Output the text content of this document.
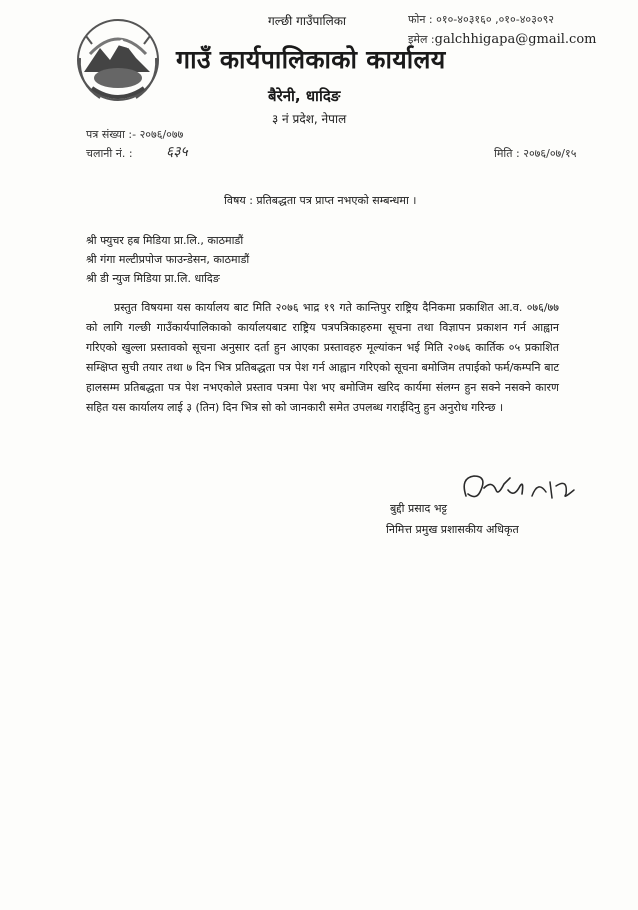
गल्छी गाउँपालिका
गाउँ कार्यपालिकाको कार्यालय
बैरेनी, धादिङ
३ नं प्रदेश, नेपाल
फोन : ०१०-४०३१६० ,०१०-४०३०९२
इमेल :galchhigapa@gmail.com
पत्र संख्या :- २०७६/०७७
चलानी नं. : ६३५	मिति : २०७६/०७/१५
विषय : प्रतिबद्धता पत्र प्राप्त नभएको सम्बन्धमा ।
श्री फ्युचर हब मिडिया प्रा.लि., काठमाडौं
श्री गंगा मल्टीप्रपोज फाउन्डेसन, काठमाडौं
श्री डी न्युज मिडिया प्रा.लि. धादिङ
प्रस्तुत विषयमा यस कार्यालय बाट मिति २०७६ भाद्र १९ गते कान्तिपुर राष्ट्रिय दैनिकमा प्रकाशित आ.व. ०७६/७७ को लागि गल्छी गाउँकार्यपालिकाको कार्यालयबाट राष्ट्रिय पत्रपत्रिकाहरुमा सूचना तथा विज्ञापन प्रकाशन गर्न आह्वान गरिएको खुल्ला प्रस्तावको सूचना अनुसार दर्ता हुन आएका प्रस्तावहरु मूल्यांकन भई मिति २०७६ कार्तिक ०५ प्रकाशित सम्क्षिप्त सुची तयार तथा ७ दिन भित्र प्रतिबद्धता पत्र पेश गर्न आह्वान गरिएको सूचना बमोजिम तपाईको फर्म/कम्पनि बाट हालसम्म प्रतिबद्धता पत्र पेश नभएकोले प्रस्ताव पत्रमा पेश भए बमोजिम खरिद कार्यमा संलग्न हुन सक्ने नसक्ने कारण सहित यस कार्यालय लाई ३ (तिन) दिन भित्र सो को जानकारी समेत उपलब्ध गराईदिनु हुन अनुरोध गरिन्छ ।
बुद्दी प्रसाद भट्ट
निमित्त प्रमुख प्रशासकीय अधिकृत
